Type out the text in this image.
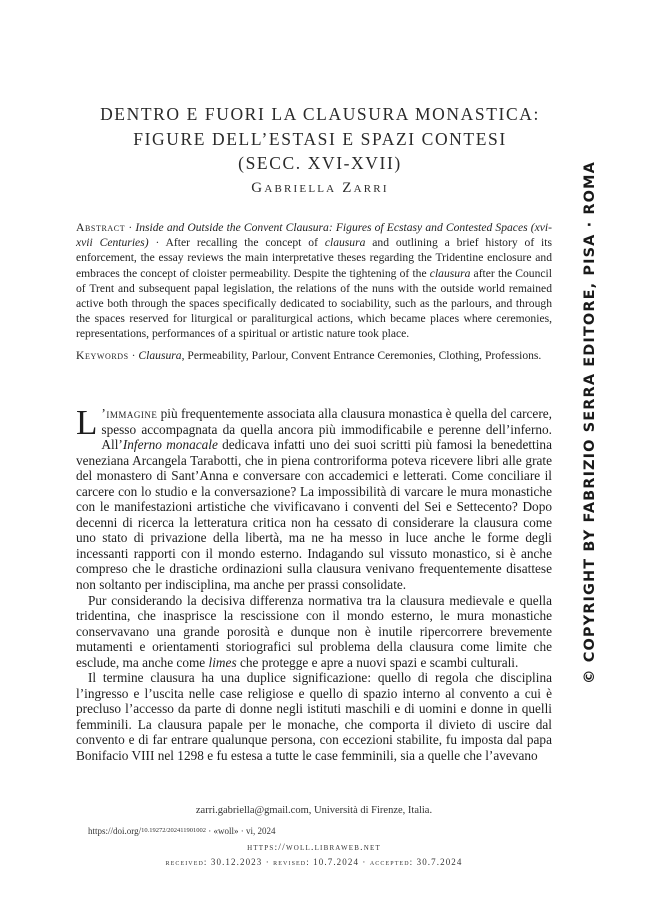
DENTRO E FUORI LA CLAUSURA MONASTICA:
FIGURE DELL’ESTASI E SPAZI CONTESI
(SECC. XVI-XVII)
Gabriella Zarri
Abstract · Inside and Outside the Convent Clausura: Figures of Ecstasy and Contested Spaces (xvi-xvii Centuries) · After recalling the concept of clausura and outlining a brief history of its enforcement, the essay reviews the main interpretative theses regarding the Tridentine enclosure and embraces the concept of cloister permeability. Despite the tightening of the clausura after the Council of Trent and subsequent papal legislation, the relations of the nuns with the outside world remained active both through the spaces specifically dedicated to sociability, such as the parlours, and through the spaces reserved for liturgical or paraliturgical actions, which became places where ceremonies, representations, performances of a spiritual or artistic nature took place.
Keywords · Clausura, Permeability, Parlour, Convent Entrance Ceremonies, Clothing, Professions.

L ’immagine più frequentemente associata alla clausura monastica è quella del carcere, spesso accompagnata da quella ancora più immodificabile e perenne dell’inferno. All’Inferno monacale dedicava infatti uno dei suoi scritti più famosi la benedettina veneziana Arcangela Tarabotti, che in piena controriforma poteva ricevere libri alle grate del monastero di Sant’Anna e conversare con accademici e letterati. Come conciliare il carcere con lo studio e la conversazione? La impossibilità di varcare le mura monastiche con le manifestazioni artistiche che vivificavano i conventi del Sei e Settecento? Dopo decenni di ricerca la letteratura critica non ha cessato di considerare la clausura come uno stato di privazione della libertà, ma ne ha messo in luce anche le forme degli incessanti rapporti con il mondo esterno. Indagando sul vissuto monastico, si è anche compreso che le drastiche ordinazioni sulla clausura venivano frequentemente disattese non soltanto per indisciplina, ma anche per prassi consolidate.

Pur considerando la decisiva differenza normativa tra la clausura medievale e quella tridentina, che inasprisce la rescissione con il mondo esterno, le mura monastiche conservavano una grande porosità e dunque non è inutile ripercorrere brevemente mutamenti e orientamenti storiografici sul problema della clausura come limite che esclude, ma anche come limes che protegge e apre a nuovi spazi e scambi culturali.

Il termine clausura ha una duplice significazione: quello di regola che disciplina l’ingresso e l’uscita nelle case religiose e quello di spazio interno al convento a cui è precluso l’accesso da parte di donne negli istituti maschili e di uomini e donne in quelli femminili. La clausura papale per le monache, che comporta il divieto di uscire dal convento e di far entrare qualunque persona, con eccezioni stabilite, fu imposta dal papa Bonifacio VIII nel 1298 e fu estesa a tutte le case femminili, sia a quelle che l’avevano

zarri.gabriella@gmail.com, Università di Firenze, Italia.
https://doi.org/$^{10.19272/202411901002}$ · «woll» · vi, 2024
https://woll.libraweb.net
received: 30.12.2023 · revised: 10.7.2024 · accepted: 30.7.2024
© COPYRIGHT BY FABRIZIO SERRA EDITORE, PISA · ROMA
